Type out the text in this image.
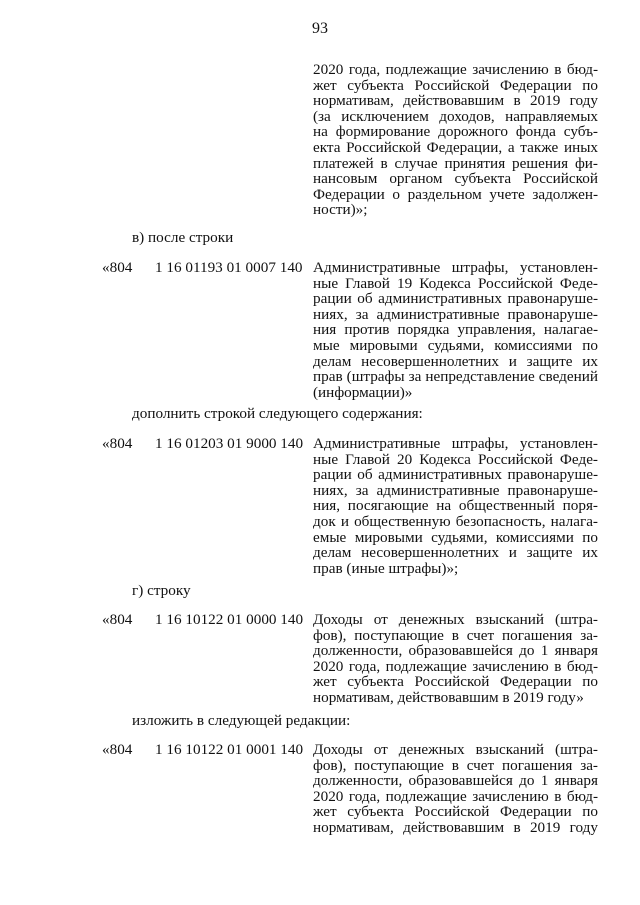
93
2020 года, подлежащие зачислению в бюд-
жет субъекта Российской Федерации по
нормативам, действовавшим в 2019 году
(за исключением доходов, направляемых
на формирование дорожного фонда субъ-
екта Российской Федерации, а также иных
платежей в случае принятия решения фи-
нансовым органом субъекта Российской
Федерации о раздельном учете задолжен-
ности)»;
в) после строки
«804 1 16 01193 01 0007 140 Административные штрафы, установлен-
ные Главой 19 Кодекса Российской Феде-
рации об административных правонаруше-
ниях, за административные правонаруше-
ния против порядка управления, налагае-
мые мировыми судьями, комиссиями по
делам несовершеннолетних и защите их
прав (штрафы за непредставление сведений
(информации)»
дополнить строкой следующего содержания:
«804 1 16 01203 01 9000 140 Административные штрафы, установлен-
ные Главой 20 Кодекса Российской Феде-
рации об административных правонаруше-
ниях, за административные правонаруше-
ния, посягающие на общественный поря-
док и общественную безопасность, налага-
емые мировыми судьями, комиссиями по
делам несовершеннолетних и защите их
прав (иные штрафы)»;
г) строку
«804 1 16 10122 01 0000 140 Доходы от денежных взысканий (штра-
фов), поступающие в счет погашения за-
долженности, образовавшейся до 1 января
2020 года, подлежащие зачислению в бюд-
жет субъекта Российской Федерации по
нормативам, действовавшим в 2019 году»
изложить в следующей редакции:
«804 1 16 10122 01 0001 140 Доходы от денежных взысканий (штра-
фов), поступающие в счет погашения за-
долженности, образовавшейся до 1 января
2020 года, подлежащие зачислению в бюд-
жет субъекта Российской Федерации по
нормативам, действовавшим в 2019 году
